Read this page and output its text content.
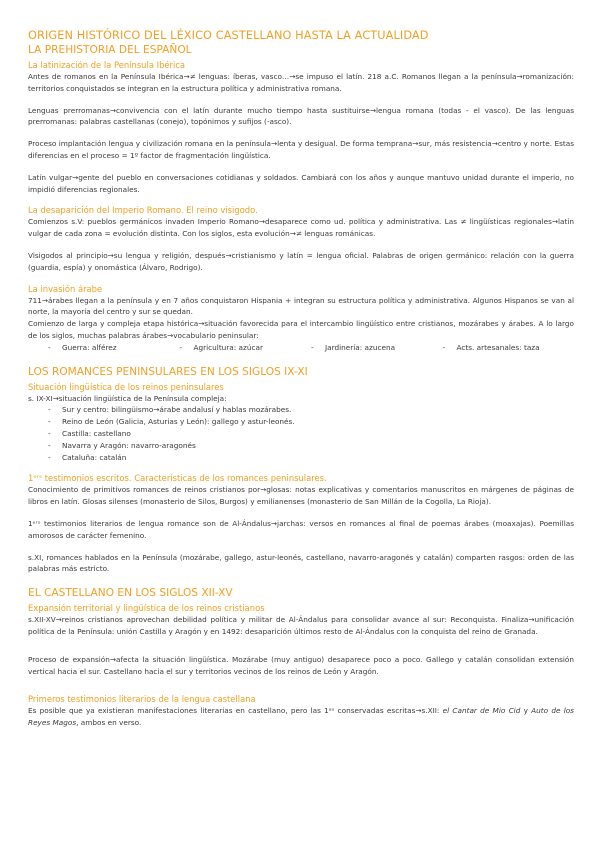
ORIGEN HISTÓRICO DEL LÉXICO CASTELLANO HASTA LA ACTUALIDAD
LA PREHISTORIA DEL ESPAÑOL
La latinización de la Península Ibérica

Antes de romanos en la Península Ibérica→≠ lenguas: íberas, vasco…→se impuso el latín. 218 a.C. Romanos llegan a la península→romanización: territorios conquistados se integran en la estructura política y administrativa romana.

Lenguas prerromanas→convivencia con el latín durante mucho tiempo hasta sustituirse→lengua romana (todas - el vasco). De las lenguas prerromanas: palabras castellanas (conejo), topónimos y sufijos (-asco).

Proceso implantación lengua y civilización romana en la península→lenta y desigual. De forma temprana→sur, más resistencia→centro y norte. Estas diferencias en el proceso = 1º factor de fragmentación lingüística.

Latín vulgar→gente del pueblo en conversaciones cotidianas y soldados. Cambiará con los años y aunque mantuvo unidad durante el imperio, no impidió diferencias regionales.

La desaparición del Imperio Romano. El reino visigodo.

Comienzos s.V: pueblos germánicos invaden Imperio Romano→desaparece como ud. política y administrativa. Las ≠ lingüísticas regionales→latín vulgar de cada zona = evolución distinta. Con los siglos, esta evolución→≠ lenguas románicas.

Visigodos al principio→su lengua y religión, después→cristianismo y latín = lengua oficial. Palabras de origen germánico: relación con la guerra (guardia, espía) y onomástica (Álvaro, Rodrigo).

La invasión árabe

711→árabes llegan a la península y en 7 años conquistaron Hispania + integran su estructura política y administrativa. Algunos Hispanos se van al norte, la mayoría del centro y sur se quedan.

Comienzo de larga y compleja etapa histórica→situación favorecida para el intercambio lingüístico entre cristianos, mozárabes y árabes. A lo largo de los siglos, muchas palabras árabes→vocabulario peninsular:

- Guerra: alférez	- Agricultura: azúcar	- Jardinería: azucena	- Acts. artesanales: taza
LOS ROMANCES PENINSULARES EN LOS SIGLOS IX-XI
Situación lingüística de los reinos peninsulares

s. IX-XI→situación lingüística de la Península compleja:

- Sur y centro: bilingüismo→árabe andalusí y hablas mozárabes.
- Reino de León (Galicia, Asturias y León): gallego y astur-leonés.
- Castilla: castellano
- Navarra y Aragón: navarro-aragonés
- Cataluña: catalán
1ᵉʳˢ testimonios escritos. Características de los romances peninsulares.

Conocimiento de primitivos romances de reinos cristianos por→glosas: notas explicativas y comentarios manuscritos en márgenes de páginas de libros en latín. Glosas silenses (monasterio de Silos, Burgos) y emilianenses (monasterio de San Millán de la Cogolla, La Rioja).

1ᵉʳˢ testimonios literarios de lengua romance son de Al-Ándalus→jarchas: versos en romances al final de poemas árabes (moaxajas). Poemillas amorosos de carácter femenino.

s.XI, romances hablados en la Península (mozárabe, gallego, astur-leonés, castellano, navarro-aragonés y catalán) comparten rasgos: orden de las palabras más estricto.

EL CASTELLANO EN LOS SIGLOS XII-XV
Expansión territorial y lingüística de los reinos cristianos

s.XII-XV→reinos cristianos aprovechan debilidad política y militar de Al-Ándalus para consolidar avance al sur: Reconquista. Finaliza→unificación política de la Península: unión Castilla y Aragón y en 1492: desaparición últimos resto de Al-Ándalus con la conquista del reino de Granada.

Proceso de expansión→afecta la situación lingüística. Mozárabe (muy antiguo) desaparece poco a poco. Gallego y catalán consolidan extensión vertical hacia el sur. Castellano hacia el sur y territorios vecinos de los reinos de León y Aragón.

Primeros testimonios literarios de la lengua castellana

Es posible que ya existieran manifestaciones literarias en castellano, pero las 1ᵃˢ conservadas escritas→s.XII: el Cantar de Mio Cid y Auto de los Reyes Magos, ambos en verso.
